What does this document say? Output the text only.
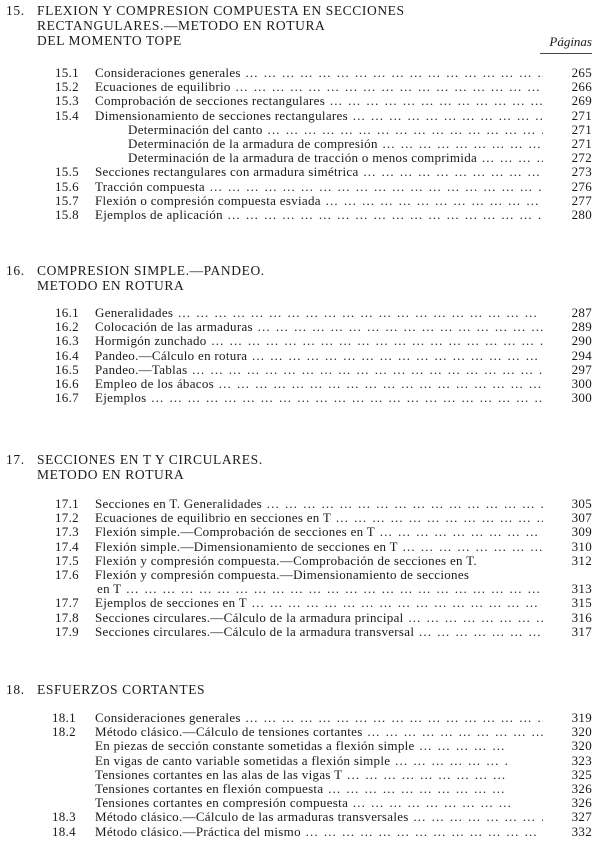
15. FLEXION Y COMPRESION COMPUESTA EN SECCIONES
RECTANGULARES.—METODO EN ROTURA
DEL MOMENTO TOPE	Páginas
15.1 Consideraciones generales … … … … … … … … … … … … … … … … … … … … … … … … … … … … … … … … … … …	265
15.2 Ecuaciones de equilibrio … … … … … … … … … … … … … … … … … … … … … … … … … … … … … … … … … … …	266
15.3 Comprobación de secciones rectangulares … … … … … … … … … … … … … … … … … … … … … … … … … … … … … … … … … … …	269
15.4 Dimensionamiento de secciones rectangulares … … … … … … … … … … … … … … … … … … … … … … … … … … … … … … … … … … …	271
Determinación del canto … … … … … … … … … … … … … … … … … … … … … … … … … … … … … … … … … … …	271
Determinación de la armadura de compresión … … … … … … … … … … … … … … … … … … … … … … … … … … … … … … … … … … …	271
Determinación de la armadura de tracción o menos comprimida … … … … … … … … … … … … … … … … … … … … … … … … … … … … … … … … … … …	272
15.5 Secciones rectangulares con armadura simétrica … … … … … … … … … … … … … … … … … … … … … … … … … … … … … … … … … … …	273
15.6 Tracción compuesta … … … … … … … … … … … … … … … … … … … … … … … … … … … … … … … … … … …	276
15.7 Flexión o compresión compuesta esviada … … … … … … … … … … … … … … … … … … … … … … … … … … … … … … … … … … …	277
15.8 Ejemplos de aplicación … … … … … … … … … … … … … … … … … … … … … … … … … … … … … … … … … … …	280
16. COMPRESION SIMPLE.—PANDEO.
METODO EN ROTURA
16.1 Generalidades … … … … … … … … … … … … … … … … … … … … … … … … … … … … … … … … … … …	287
16.2 Colocación de las armaduras … … … … … … … … … … … … … … … … … … … … … … … … … … … … … … … … … … …	289
16.3 Hormigón zunchado … … … … … … … … … … … … … … … … … … … … … … … … … … … … … … … … … … …	290
16.4 Pandeo.—Cálculo en rotura … … … … … … … … … … … … … … … … … … … … … … … … … … … … … … … … … … …	294
16.5 Pandeo.—Tablas … … … … … … … … … … … … … … … … … … … … … … … … … … … … … … … … … … …	297
16.6 Empleo de los ábacos … … … … … … … … … … … … … … … … … … … … … … … … … … … … … … … … … … …	300
16.7 Ejemplos … … … … … … … … … … … … … … … … … … … … … … … … … … … … … … … … … … …	300
17. SECCIONES EN T Y CIRCULARES.
METODO EN ROTURA
17.1 Secciones en T. Generalidades … … … … … … … … … … … … … … … … … … … … … … … … … … … … … … … … … … …	305
17.2 Ecuaciones de equilibrio en secciones en T … … … … … … … … … … … … … … … … … … … … … … … … … … … … … … … … … … …	307
17.3 Flexión simple.—Comprobación de secciones en T … … … … … … … … … … … … … … … … … … … … … … … … … … … … … … … … … … …	309
17.4 Flexión simple.—Dimensionamiento de secciones en T … … … … … … … … … … … … … … … … … … … … … … … … … … … … … … … … … … …	310
17.5 Flexión y compresión compuesta.—Comprobación de secciones en T.	312
17.6 Flexión y compresión compuesta.—Dimensionamiento de secciones
en T … … … … … … … … … … … … … … … … … … … … … … … … … … … … … … … … … … …	313
17.7 Ejemplos de secciones en T … … … … … … … … … … … … … … … … … … … … … … … … … … … … … … … … … … …	315
17.8 Secciones circulares.—Cálculo de la armadura principal … … … … … … … … … … … … … … … … … … … … … … … … … … … … … … … … … … …	316
17.9 Secciones circulares.—Cálculo de la armadura transversal … … … … … … … … … … … … … … … … … … … … … … … … … … … … … … … … … … …	317
18. ESFUERZOS CORTANTES
18.1 Consideraciones generales … … … … … … … … … … … … … … … … … … … … … … … … … … … … … … … … … … …	319
18.2 Método clásico.—Cálculo de tensiones cortantes … … … … … … … … … … … … … … … … … … … … … … … … … … … … … … … … … … …	320
En piezas de sección constante sometidas a flexión simple … … … … … … … … … … … … … … … … … … … … … … … … … … … … … … … … … … …	320
En vigas de canto variable sometidas a flexión simple … … … … … … … … … … … … … … … … … … … … … … … … … … … … … … … … … … …	323
Tensiones cortantes en las alas de las vigas T … … … … … … … … … … … … … … … … … … … … … … … … … … … … … … … … … … …	325
Tensiones cortantes en flexión compuesta … … … … … … … … … … … … … … … … … … … … … … … … … … … … … … … … … … …	326
Tensiones cortantes en compresión compuesta … … … … … … … … … … … … … … … … … … … … … … … … … … … … … … … … … … …	326
18.3 Método clásico.—Cálculo de las armaduras transversales … … … … … … … … … … … … … … … … … … … … … … … … … … … … … … … … … … …	327
18.4 Método clásico.—Práctica del mismo … … … … … … … … … … … … … … … … … … … … … … … … … … … … … … … … … … …	332
